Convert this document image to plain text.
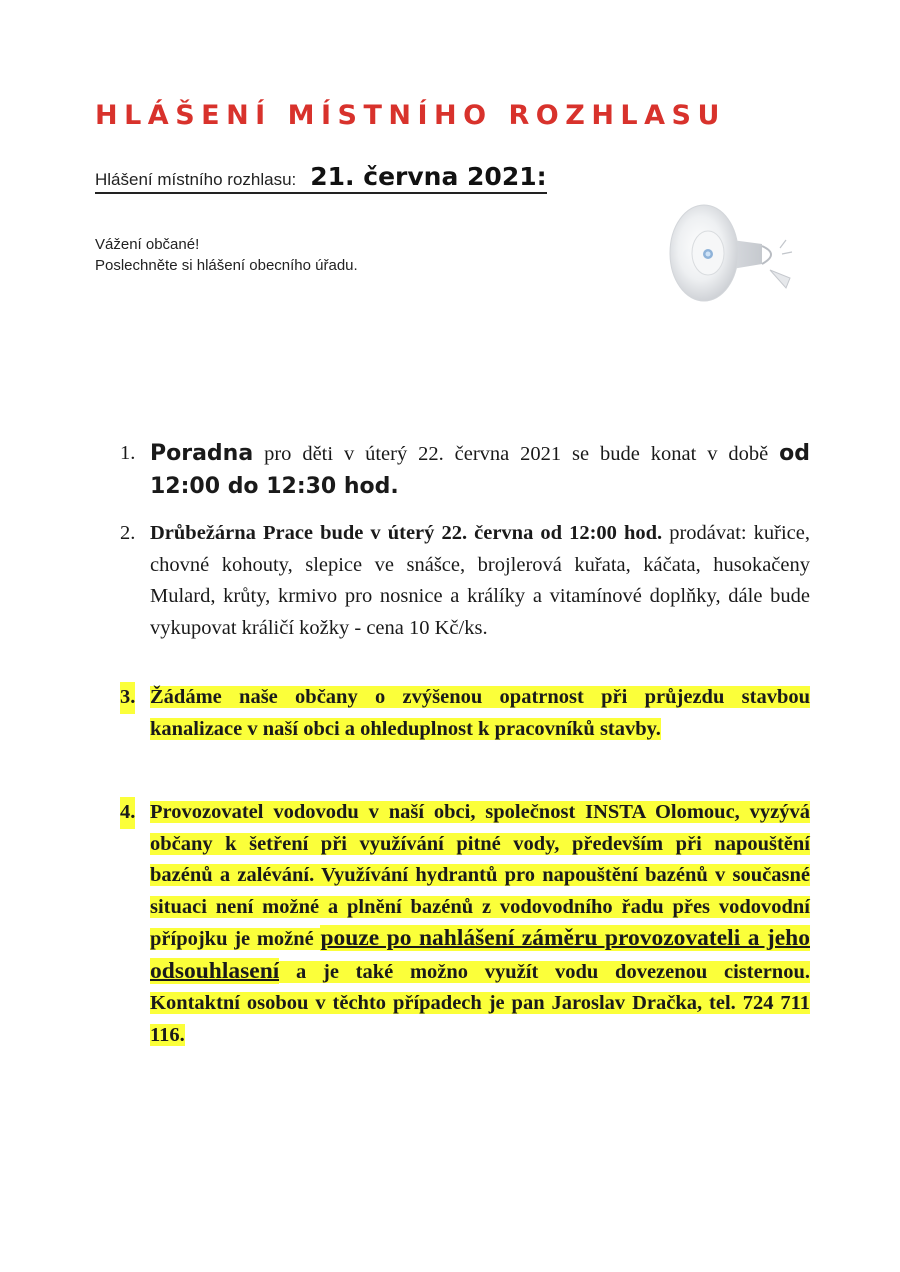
HLÁŠENÍ MÍSTNÍHO ROZHLASU
Hlášení místního rozhlasu: 21. června 2021:
Vážení občané!
Poslechněte si hlášení obecního úřadu.
1. Poradna pro děti v úterý 22. června 2021 se bude konat v době od 12:00 do 12:30 hod.
2. Drůbežárna Prace bude v úterý 22. června od 12:00 hod. prodávat: kuřice, chovné kohouty, slepice ve snášce, brojlerová kuřata, káčata, husokačeny Mulard, krůty, krmivo pro nosnice a králíky a vitamínové doplňky, dále bude vykupovat králičí kožky - cena 10 Kč/ks.
3. Žádáme naše občany o zvýšenou opatrnost při průjezdu stavbou kanalizace v naší obci a ohleduplnost k pracovníků stavby.
4. Provozovatel vodovodu v naší obci, společnost INSTA Olomouc, vyzývá občany k šetření při využívání pitné vody, především při napouštění bazénů a zalévání. Využívání hydrantů pro napouštění bazénů v současné situaci není možné a plnění bazénů z vodovodního řadu přes vodovodní přípojku je možné pouze po nahlášení záměru provozovateli a jeho odsouhlasení a je také možno využít vodu dovezenou cisternou. Kontaktní osobou v těchto případech je pan Jaroslav Dračka, tel. 724 711 116.
